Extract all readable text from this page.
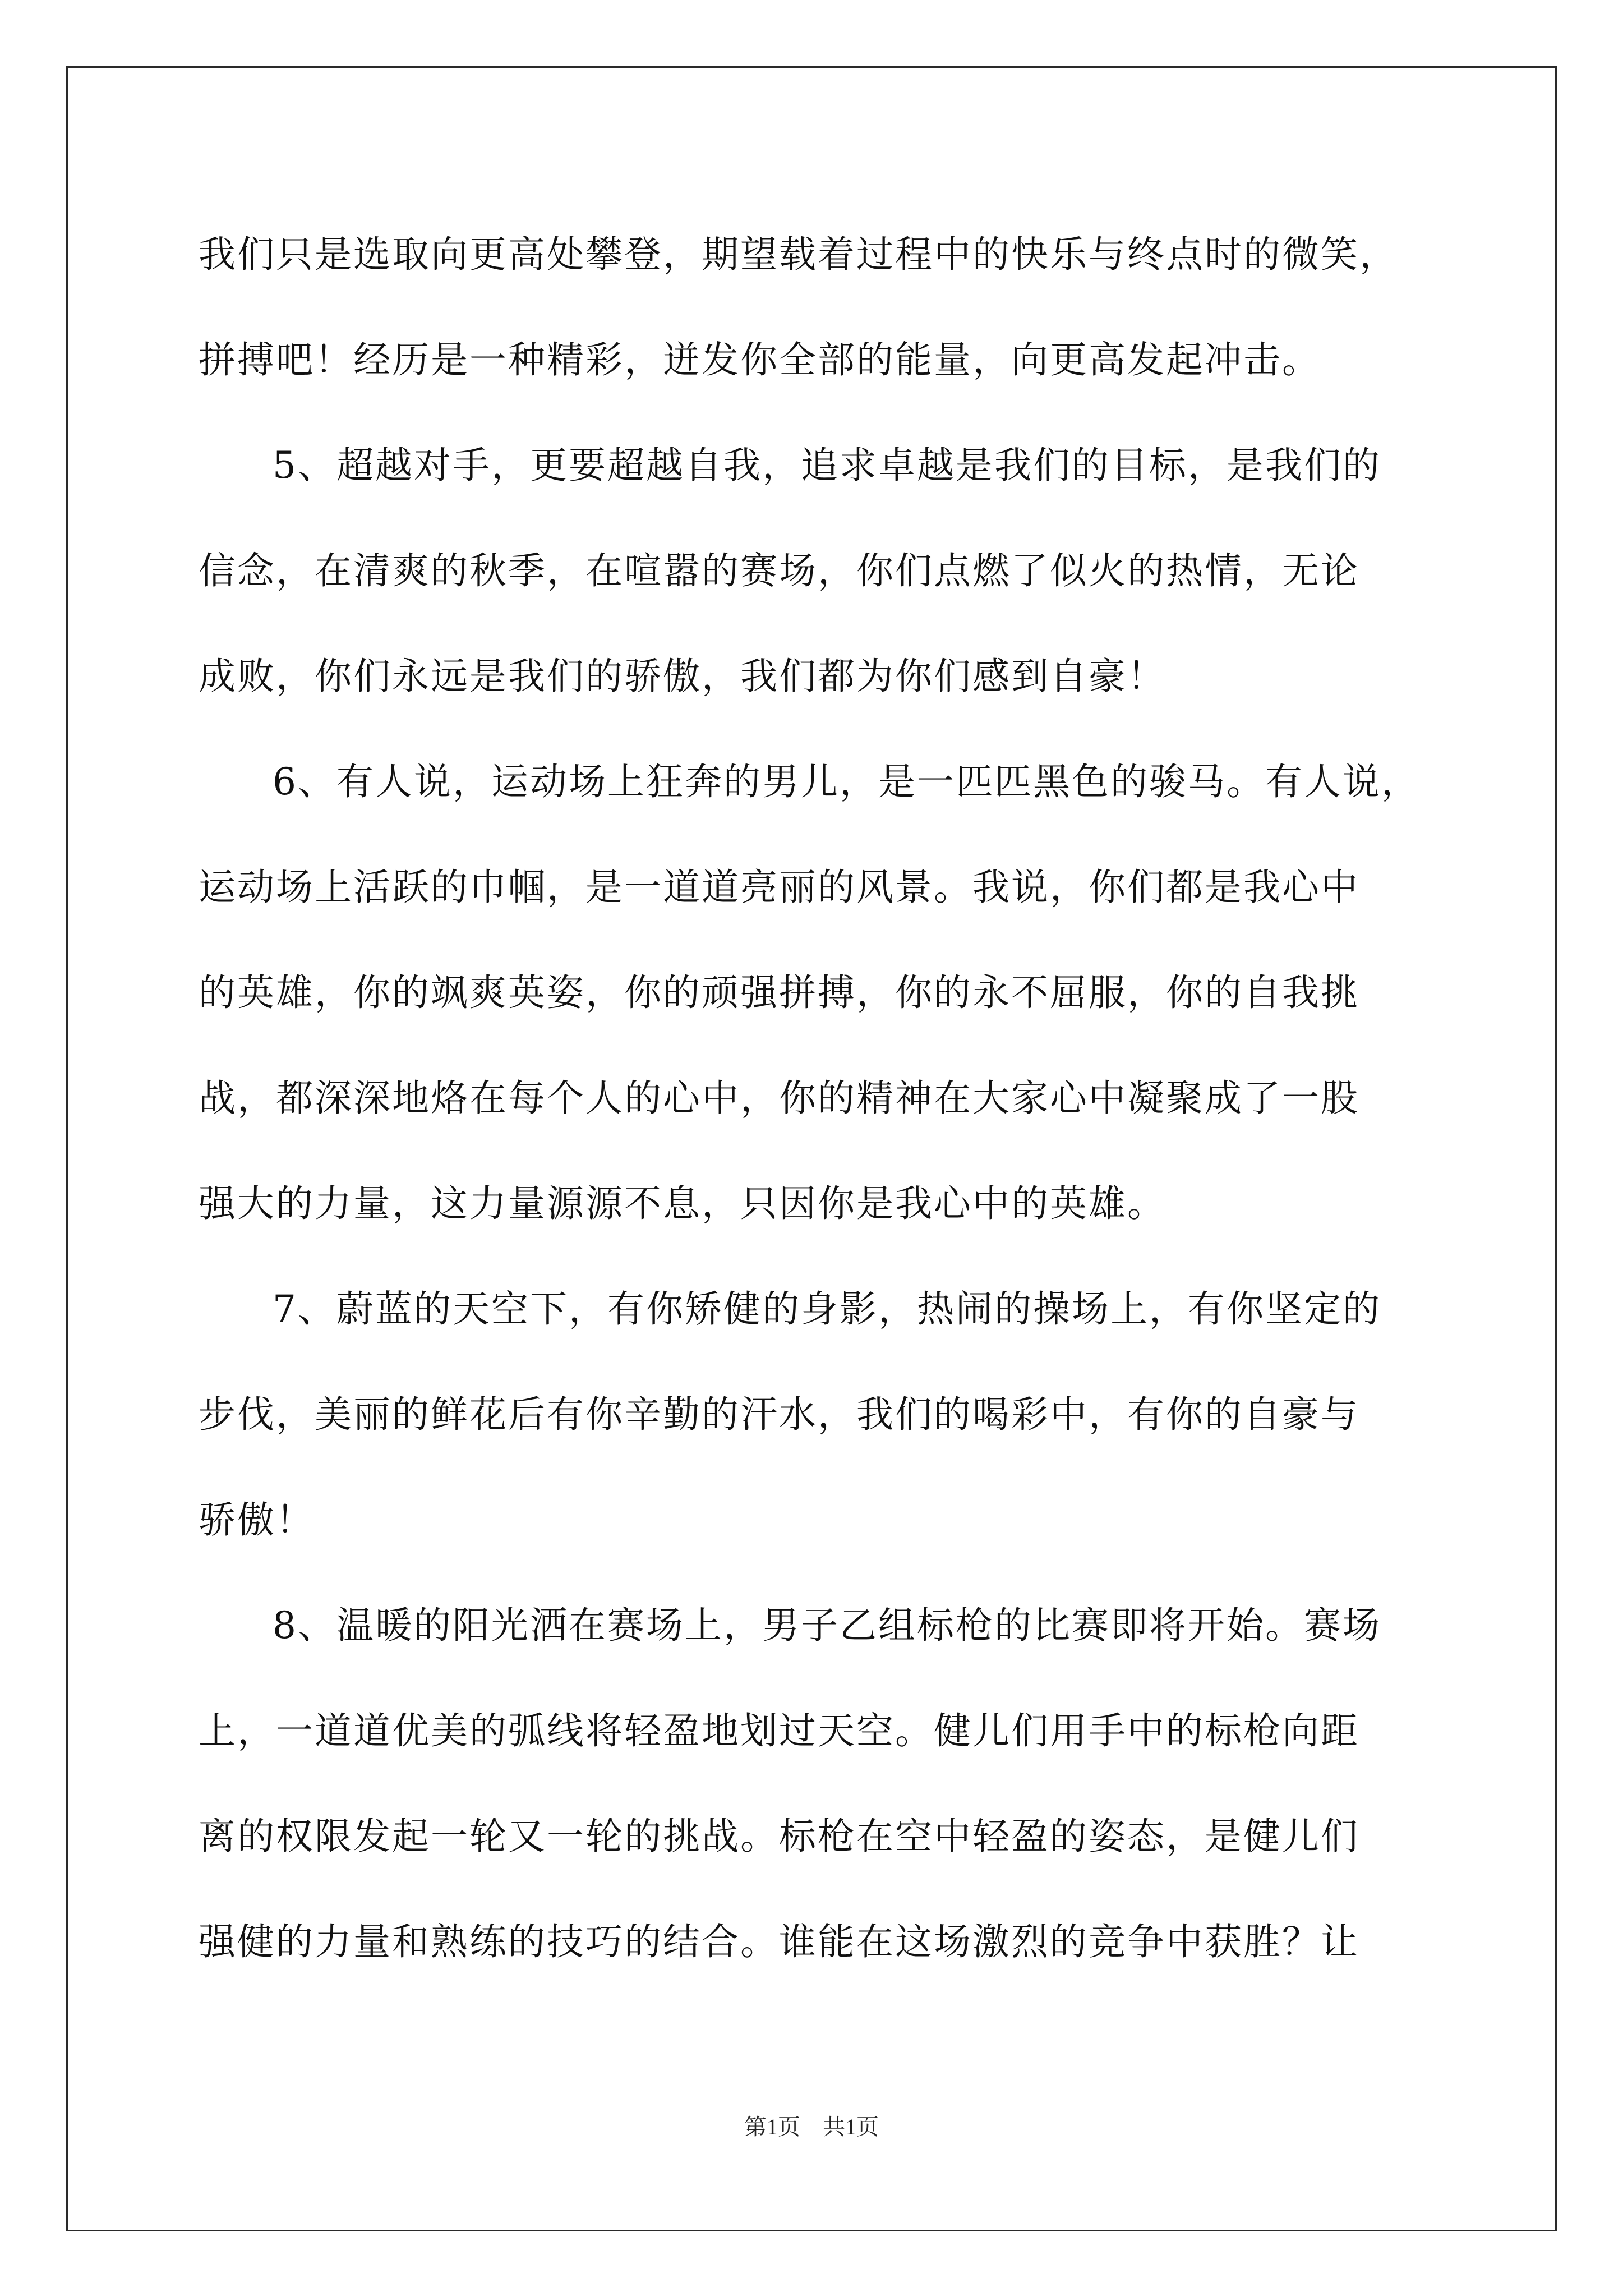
我们只是选取向更高处攀登，期望载着过程中的快乐与终点时的微笑，
拼搏吧！经历是一种精彩，迸发你全部的能量，向更高发起冲击。
5、超越对手，更要超越自我，追求卓越是我们的目标，是我们的
信念，在清爽的秋季，在喧嚣的赛场，你们点燃了似火的热情，无论
成败，你们永远是我们的骄傲，我们都为你们感到自豪！
6、有人说，运动场上狂奔的男儿，是一匹匹黑色的骏马。有人说，
运动场上活跃的巾帼，是一道道亮丽的风景。我说，你们都是我心中
的英雄，你的飒爽英姿，你的顽强拼搏，你的永不屈服，你的自我挑
战，都深深地烙在每个人的心中，你的精神在大家心中凝聚成了一股
强大的力量，这力量源源不息，只因你是我心中的英雄。
7、蔚蓝的天空下，有你矫健的身影，热闹的操场上，有你坚定的
步伐，美丽的鲜花后有你辛勤的汗水，我们的喝彩中，有你的自豪与
骄傲！
8、温暖的阳光洒在赛场上，男子乙组标枪的比赛即将开始。赛场
上，一道道优美的弧线将轻盈地划过天空。健儿们用手中的标枪向距
离的权限发起一轮又一轮的挑战。标枪在空中轻盈的姿态，是健儿们
强健的力量和熟练的技巧的结合。谁能在这场激烈的竞争中获胜？让
第1页　共1页
